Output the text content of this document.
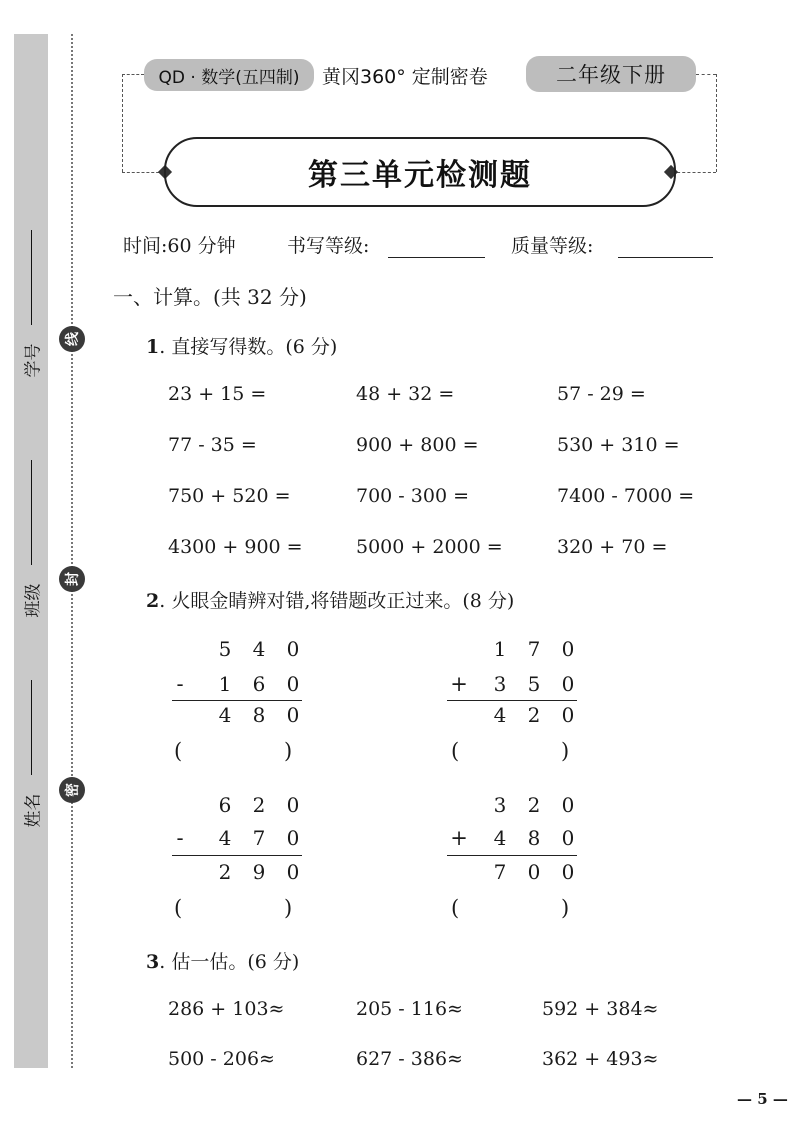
学号
班级
姓名
线
封
密
QD · 数学(五四制) 黄冈360° 定制密卷	二年级下册
第三单元检测题
时间:60 分钟	书写等级:	质量等级:
一、计算。(共 32 分)
1. 直接写得数。(6 分)
23 + 15 =	48 + 32 =	57 - 29 =
77 - 35 =	900 + 800 =	530 + 310 =
750 + 520 =	700 - 300 =	7400 - 7000 =
4300 + 900 =	5000 + 2000 =	320 + 70 =
2. 火眼金睛辨对错,将错题改正过来。(8 分)
5	4	0
-	1	6	0
4	8	0
(	)
1	7	0
+	3	5	0
4	2	0
(	)
6	2	0
-	4	7	0
2	9	0
(	)
3	2	0
+	4	8	0
7	0	0
(	)
3. 估一估。(6 分)
286 + 103≈	205 - 116≈	592 + 384≈
500 - 206≈	627 - 386≈	362 + 493≈
— 5 —
